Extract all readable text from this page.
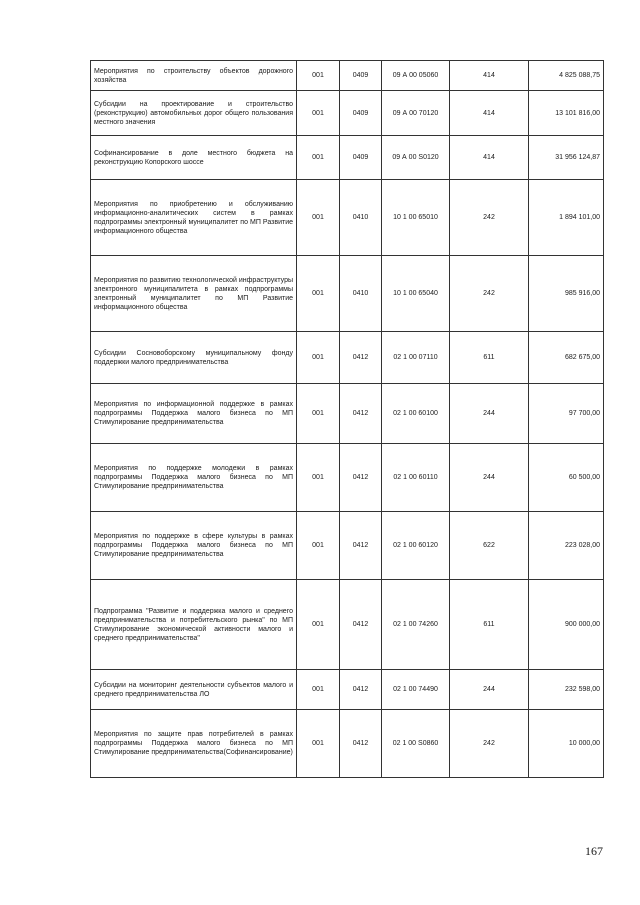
Мероприятия по строительству объектов дорожного хозяйства	001	0409	09 А 00 05060	414	4 825 088,75
Субсидии на проектирование и строительство (реконструкцию) автомобильных дорог общего пользования местного значения	001	0409	09 А 00 70120	414	13 101 816,00
Софинансирование в доле местного бюджета на реконструкцию Копорского шоссе	001	0409	09 А 00 S0120	414	31 956 124,87
Мероприятия по приобретению и обслуживанию информационно-аналитических систем в рамках подпрограммы электронный муниципалитет по МП Развитие информационного общества	001	0410	10 1 00 65010	242	1 894 101,00
Мероприятия по развитию технологической инфраструктуры электронного муниципалитета в рамках подпрограммы электронный муниципалитет по МП Развитие информационного общества	001	0410	10 1 00 65040	242	985 916,00
Субсидии Сосновоборскому муниципальному фонду поддержки малого предпринимательства	001	0412	02 1 00 07110	611	682 675,00
Мероприятия по информационной поддержке в рамках подпрограммы Поддержка малого бизнеса по МП Стимулирование предпринимательства	001	0412	02 1 00 60100	244	97 700,00
Мероприятия по поддержке молодежи в рамках подпрограммы Поддержка малого бизнеса по МП Стимулирование предпринимательства	001	0412	02 1 00 60110	244	60 500,00
Мероприятия по поддержке в сфере культуры в рамках подпрограммы Поддержка малого бизнеса по МП Стимулирование предпринимательства	001	0412	02 1 00 60120	622	223 028,00
Подпрограмма "Развитие и поддержка малого и среднего предпринимательства и потребительского рынка" по МП Стимулирование экономической активности малого и среднего предпринимательства"	001	0412	02 1 00 74260	611	900 000,00
Субсидии на мониторинг деятельности субъектов малого и среднего предпринимательства ЛО	001	0412	02 1 00 74490	244	232 598,00
Мероприятия по защите прав потребителей в рамках подпрограммы Поддержка малого бизнеса по МП Стимулирование предпринимательства(Софинансирование)	001	0412	02 1 00 S0860	242	10 000,00
167
